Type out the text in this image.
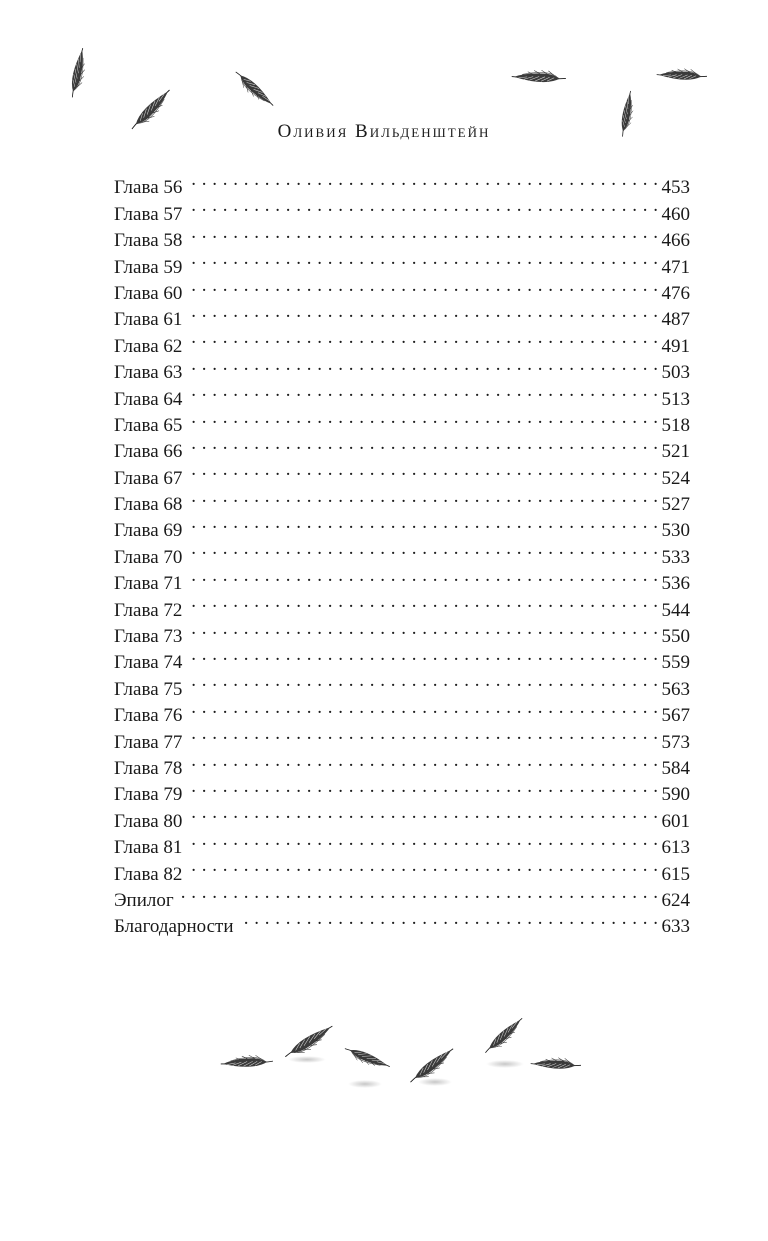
Оливия Вильденштейн
Глава 56 . . .	453
Глава 57 . . .	460
Глава 58 . . .	466
Глава 59 . . .	471
Глава 60 . . .	476
Глава 61 . . .	487
Глава 62 . . .	491
Глава 63 . . .	503
Глава 64 . . .	513
Глава 65 . . .	518
Глава 66 . . .	521
Глава 67 . . .	524
Глава 68 . . .	527
Глава 69 . . .	530
Глава 70 . . .	533
Глава 71 . . .	536
Глава 72 . . .	544
Глава 73 . . .	550
Глава 74 . . .	559
Глава 75 . . .	563
Глава 76 . . .	567
Глава 77 . . .	573
Глава 78 . . .	584
Глава 79 . . .	590
Глава 80 . . .	601
Глава 81 . . .	613
Глава 82 . . .	615
Эпилог . . .	624
Благодарности . . .	633
